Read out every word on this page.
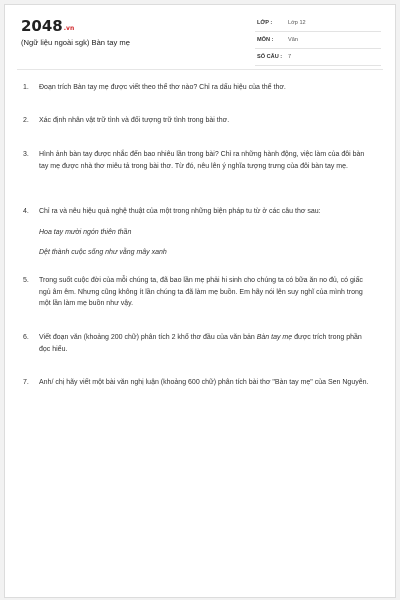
2048.vn
(Ngữ liệu ngoài sgk) Bàn tay mẹ
LỚP :	Lớp 12
MÔN :	Văn
SỐ CÂU : 7
1. Đoạn trích Bàn tay mẹ được viết theo thể thơ nào? Chỉ ra dấu hiệu của thể thơ.
2. Xác định nhân vật trữ tình và đối tượng trữ tình trong bài thơ.
3. Hình ảnh bàn tay được nhắc đến bao nhiêu lần trong bài? Chỉ ra những hành động, việc làm của đôi bàn tay mẹ được nhà thơ miêu tả trong bài thơ. Từ đó, nêu lên ý nghĩa tượng trưng của đôi bàn tay mẹ.
4. Chỉ ra và nêu hiệu quả nghệ thuật của một trong những biện pháp tu từ ở các câu thơ sau:
Hoa tay mười ngón thiên thần
Dệt thành cuộc sống như vằng mây xanh
5. Trong suốt cuộc đời của mỗi chúng ta, đã bao lần mẹ phải hi sinh cho chúng ta có bữa ăn no đủ, có giấc ngủ âm êm. Nhưng cũng không ít lần chúng ta đã làm mẹ buồn. Em hãy nói lên suy nghĩ của mình trong một lần làm mẹ buồn như vậy.
6. Viết đoạn văn (khoảng 200 chữ) phân tích 2 khổ thơ đầu của văn bản Bàn tay mẹ được trích trong phần đọc hiểu.
7. Anh/ chị hãy viết một bài văn nghị luận (khoảng 600 chữ) phân tích bài thơ "Bàn tay mẹ" của Sen Nguyên.
